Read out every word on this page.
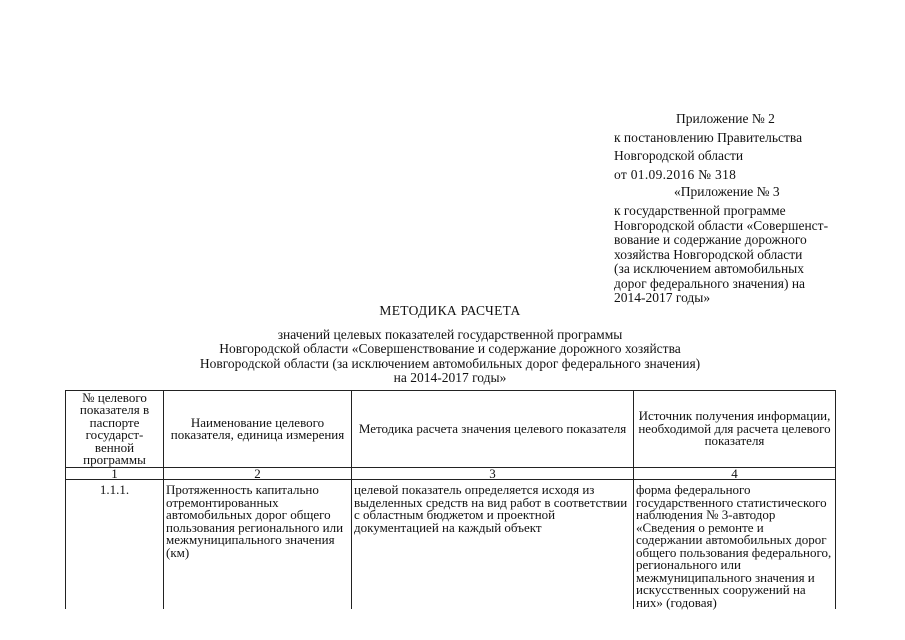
Приложение № 2
к постановлению Правительства
Новгородской области
от 01.09.2016 № 318
«Приложение № 3
к государственной программе
Новгородской области «Совершенст-
вование и содержание дорожного
хозяйства Новгородской области
(за исключением автомобильных
дорог федерального значения) на
2014-2017 годы»
МЕТОДИКА РАСЧЕТА
значений целевых показателей государственной программы
Новгородской области «Совершенствование и содержание дорожного хозяйства
Новгородской области (за исключением автомобильных дорог федерального значения)
на 2014-2017 годы»
№ целевого показателя в паспорте государст-венной программы	Наименование целевого показателя, единица измерения	Методика расчета значения целевого показателя	Источник получения информации, необходимой для расчета целевого показателя
1	2	3	4
1.1.1.	Протяженность капитально отремонтированных автомобильных дорог общего пользования регионального или межмуниципального значения (км)	целевой показатель определяется исходя из выделенных средств на вид работ в соответствии с областным бюджетом и проектной документацией на каждый объект	форма федерального государственного статистического наблюдения № 3-автодор «Сведения о ремонте и содержании автомобильных дорог общего пользования федерального, регионального или межмуниципального значения и искусственных сооружений на них» (годовая)
